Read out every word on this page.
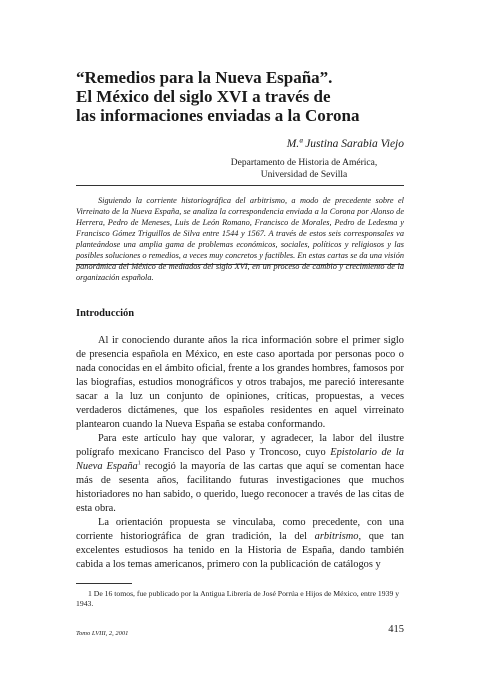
“Remedios para la Nueva España”.
El México del siglo XVI a través de
las informaciones enviadas a la Corona
M.ª Justina Sarabia Viejo
Departamento de Historia de América,
Universidad de Sevilla
Siguiendo la corriente historiográfica del arbitrismo, a modo de precedente sobre el Virreinato de la Nueva España, se analiza la correspondencia enviada a la Corona por Alonso de Herrera, Pedro de Meneses, Luis de León Romano, Francisco de Morales, Pedro de Ledesma y Francisco Gómez Triguillos de Silva entre 1544 y 1567. A través de estos seis corresponsales va planteándose una amplia gama de problemas económicos, sociales, políticos y religiosos y las posibles soluciones o remedios, a veces muy concretos y factibles. En estas cartas se da una visión panorámica del México de mediados del siglo XVI, en un proceso de cambio y crecimiento de la organización española.
Introducción

Al ir conociendo durante años la rica información sobre el primer siglo de presencia española en México, en este caso aportada por personas poco o nada conocidas en el ámbito oficial, frente a los grandes hombres, famosos por las biografías, estudios monográficos y otros trabajos, me pareció interesante sacar a la luz un conjunto de opiniones, críticas, propuestas, a veces verdaderos dictámenes, que los españoles residentes en aquel virreinato plantearon cuando la Nueva España se estaba conformando.

Para este artículo hay que valorar, y agradecer, la labor del ilustre polígrafo mexicano Francisco del Paso y Troncoso, cuyo Epistolario de la Nueva España$^1$ recogió la mayoría de las cartas que aquí se comentan hace más de sesenta años, facilitando futuras investigaciones que muchos historiadores no han sabido, o querido, luego reconocer a través de las citas de esta obra.

La orientación propuesta se vinculaba, como precedente, con una corriente historiográfica de gran tradición, la del arbitrismo, que tan excelentes estudiosos ha tenido en la Historia de España, dando también cabida a los temas americanos, primero con la publicación de catálogos y

1 De 16 tomos, fue publicado por la Antigua Librería de José Porrúa e Hijos de México, entre 1939 y 1943.
Tomo LVIII, 2, 2001	415
